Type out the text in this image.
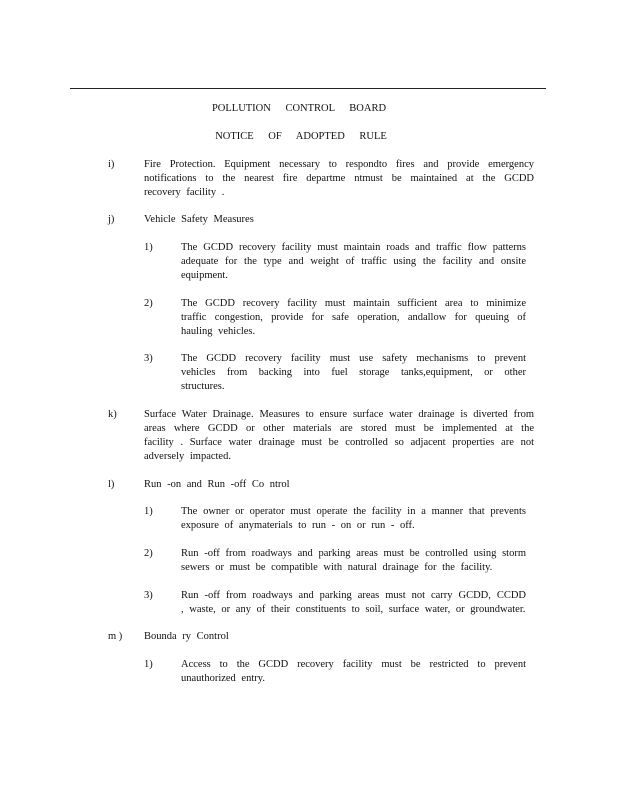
POLLUTION CONTROL BOARD
NOTICE OF ADOPTED RULE
i)	Fire Protection. Equipment necessary to respondto fires and provide emergency notifications to the nearest fire departme ntmust be maintained at the GCDD recovery facility .
j)	Vehicle Safety Measures
1)	The GCDD recovery facility must maintain roads and traffic flow patterns adequate for the type and weight of traffic using the facility and onsite equipment.
2)	The GCDD recovery facility must maintain sufficient area to minimize traffic congestion, provide for safe operation, andallow for queuing of hauling vehicles.
3)	The GCDD recovery facility must use safety mechanisms to prevent vehicles from backing into fuel storage tanks,equipment, or other structures.
k)	Surface Water Drainage. Measures to ensure surface water drainage is diverted from areas where GCDD or other materials are stored must be implemented at the facility . Surface water drainage must be controlled so adjacent properties are not adversely impacted.
l)	Run -on and Run -off Co ntrol
1)	The owner or operator must operate the facility in a manner that prevents exposure of anymaterials to run - on or run - off.
2)	Run -off from roadways and parking areas must be controlled using storm sewers or must be compatible with natural drainage for the facility.
3)	Run -off from roadways and parking areas must not carry GCDD, CCDD , waste, or any of their constituents to soil, surface water, or groundwater.
m ) Bounda ry Control
1)	Access to the GCDD recovery facility must be restricted to prevent unauthorized entry.
